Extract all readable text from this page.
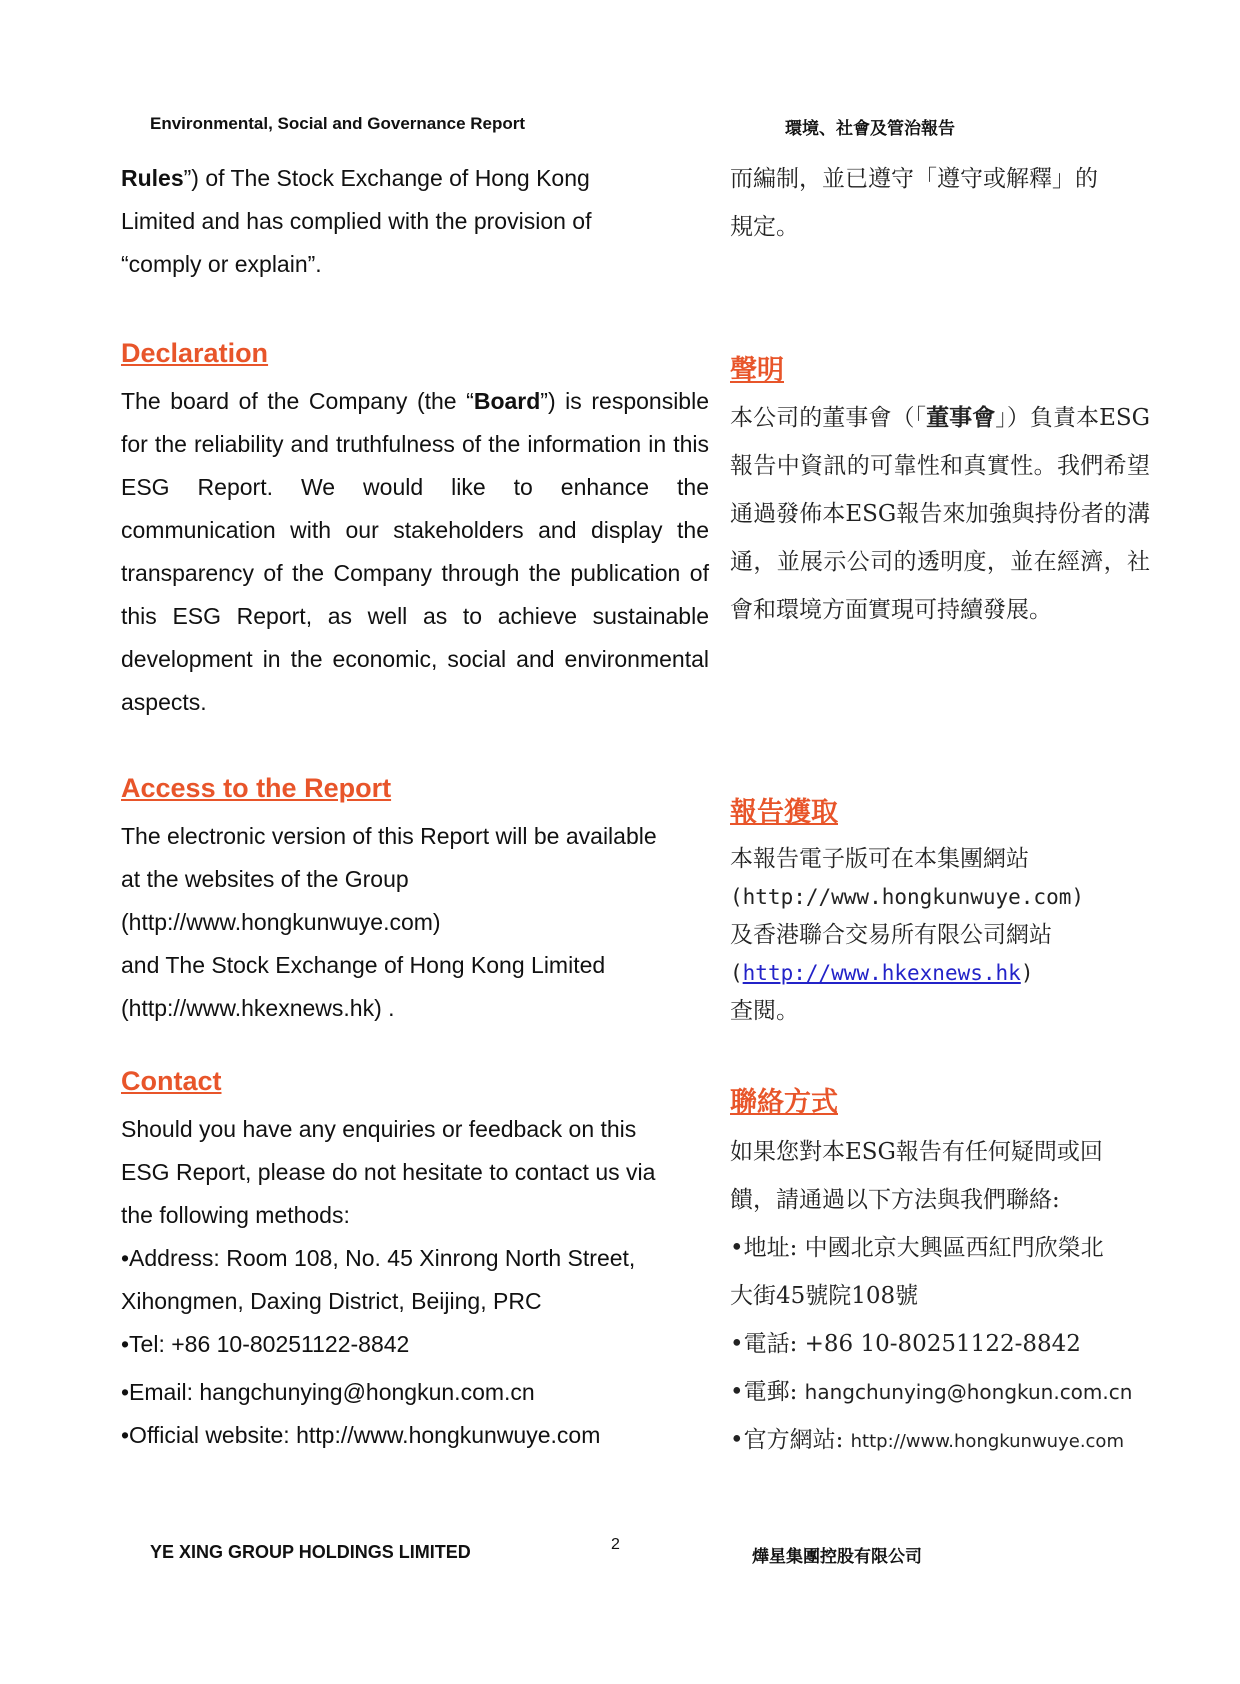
Environmental, Social and Governance Report	環境、社會及管治報告
Rules”) of The Stock Exchange of Hong Kong
Limited and has complied with the provision of
“comply or explain”.
而編制，並已遵守「遵守或解釋」的
規定。
Declaration
聲明
The board of the Company (the “Board”) is responsible for the reliability and truthfulness of the information in this ESG Report. We would like to enhance the communication with our stakeholders and display the transparency of the Company through the publication of this ESG Report, as well as to achieve sustainable development in the economic, social and environmental aspects.
本公司的董事會（「董事會」）負責本ESG報告中資訊的可靠性和真實性。我們希望通過發佈本ESG報告來加強與持份者的溝通，並展示公司的透明度，並在經濟，社會和環境方面實現可持續發展。
Access to the Report
報告獲取
The electronic version of this Report will be available
at the websites of the Group
(http://www.hongkunwuye.com)
and The Stock Exchange of Hong Kong Limited
(http://www.hkexnews.hk) .
本報告電子版可在本集團網站
(http://www.hongkunwuye.com)
及香港聯合交易所有限公司網站
(http://www.hkexnews.hk)
查閱。
Contact
聯絡方式
Should you have any enquiries or feedback on this
ESG Report, please do not hesitate to contact us via
the following methods:
•Address: Room 108, No. 45 Xinrong North Street,
Xihongmen, Daxing District, Beijing, PRC
•Tel: +86 10-80251122-8842
•Email: hangchunying@hongkun.com.cn
•Official website: http://www.hongkunwuye.com
如果您對本ESG報告有任何疑問或回
饋，請通過以下方法與我們聯絡:
•地址: 中國北京大興區西紅門欣榮北
大街45號院108號
•電話: +86 10-80251122-8842
•電郵: hangchunying@hongkun.com.cn
•官方網站: http://www.hongkunwuye.com
YE XING GROUP HOLDINGS LIMITED	2
燁星集團控股有限公司
